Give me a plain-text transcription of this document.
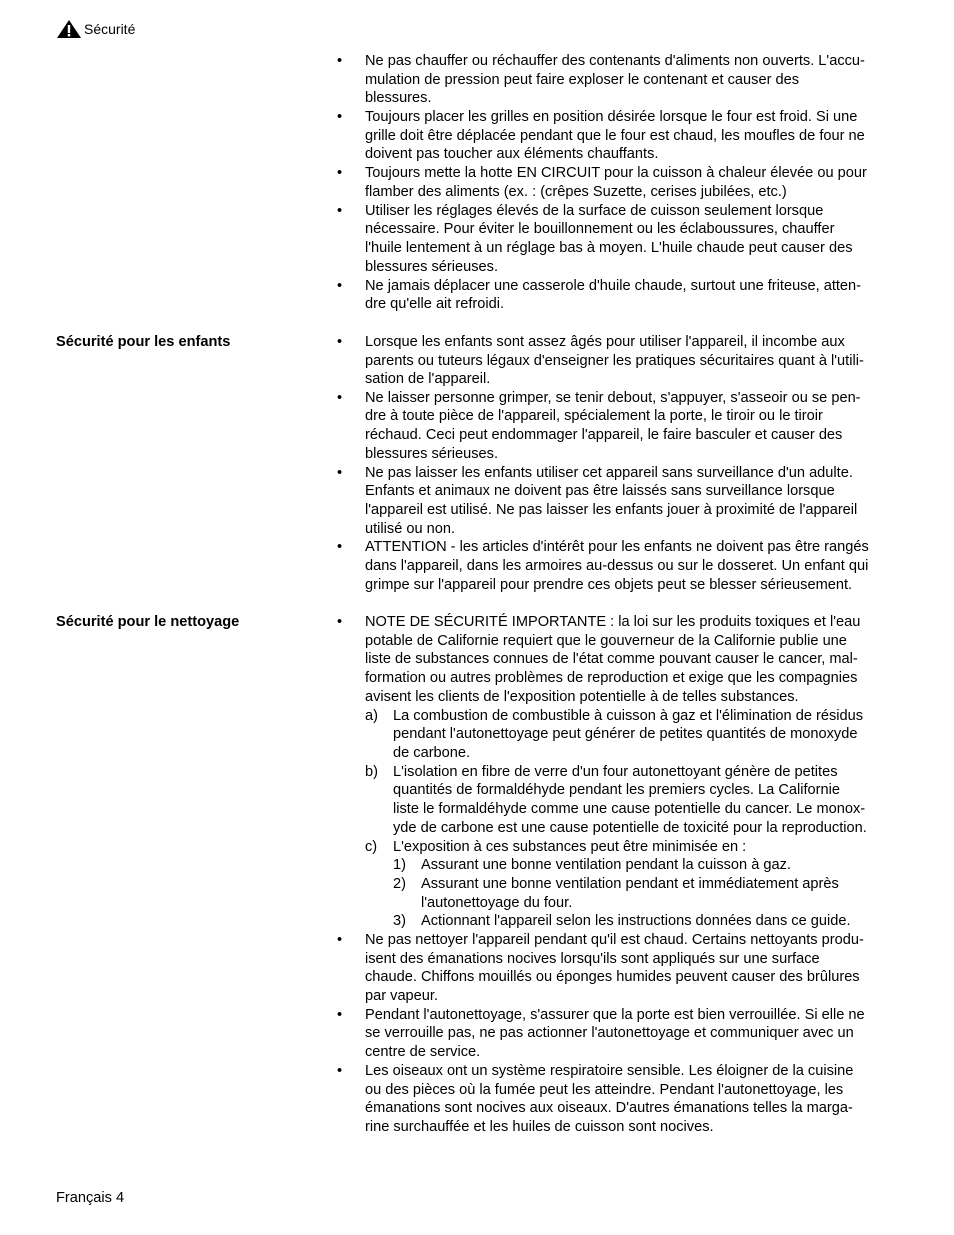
Sécurité
• Ne pas chauffer ou réchauffer des contenants d'aliments non ouverts. L'accu-
mulation de pression peut faire exploser le contenant et causer des
blessures.
• Toujours placer les grilles en position désirée lorsque le four est froid. Si une
grille doit être déplacée pendant que le four est chaud, les moufles de four ne
doivent pas toucher aux éléments chauffants.
• Toujours mette la hotte EN CIRCUIT pour la cuisson à chaleur élevée ou pour
flamber des aliments (ex. : (crêpes Suzette, cerises jubilées, etc.)
• Utiliser les réglages élevés de la surface de cuisson seulement lorsque
nécessaire. Pour éviter le bouillonnement ou les éclaboussures, chauffer
l'huile lentement à un réglage bas à moyen. L'huile chaude peut causer des
blessures sérieuses.
• Ne jamais déplacer une casserole d'huile chaude, surtout une friteuse, atten-
dre qu'elle ait refroidi.
Sécurité pour les enfants	• Lorsque les enfants sont assez âgés pour utiliser l'appareil, il incombe aux
parents ou tuteurs légaux d'enseigner les pratiques sécuritaires quant à l'utili-
sation de l'appareil.
• Ne laisser personne grimper, se tenir debout, s'appuyer, s'asseoir ou se pen-
dre à toute pièce de l'appareil, spécialement la porte, le tiroir ou le tiroir
réchaud. Ceci peut endommager l'appareil, le faire basculer et causer des
blessures sérieuses.
• Ne pas laisser les enfants utiliser cet appareil sans surveillance d'un adulte.
Enfants et animaux ne doivent pas être laissés sans surveillance lorsque
l'appareil est utilisé. Ne pas laisser les enfants jouer à proximité de l'appareil
utilisé ou non.
• ATTENTION - les articles d'intérêt pour les enfants ne doivent pas être rangés
dans l'appareil, dans les armoires au-dessus ou sur le dosseret. Un enfant qui
grimpe sur l'appareil pour prendre ces objets peut se blesser sérieusement.
Sécurité pour le nettoyage	• NOTE DE SÉCURITÉ IMPORTANTE : la loi sur les produits toxiques et l'eau
potable de Californie requiert que le gouverneur de la Californie publie une
liste de substances connues de l'état comme pouvant causer le cancer, mal-
formation ou autres problèmes de reproduction et exige que les compagnies
avisent les clients de l'exposition potentielle à de telles substances.
a) La combustion de combustible à cuisson à gaz et l'élimination de résidus
pendant l'autonettoyage peut générer de petites quantités de monoxyde
de carbone.
b) L'isolation en fibre de verre d'un four autonettoyant génère de petites
quantités de formaldéhyde pendant les premiers cycles. La Californie
liste le formaldéhyde comme une cause potentielle du cancer. Le monox-
yde de carbone est une cause potentielle de toxicité pour la reproduction.
c) L'exposition à ces substances peut être minimisée en :
1) Assurant une bonne ventilation pendant la cuisson à gaz.
2) Assurant une bonne ventilation pendant et immédiatement après
l'autonettoyage du four.
3) Actionnant l'appareil selon les instructions données dans ce guide.
• Ne pas nettoyer l'appareil pendant qu'il est chaud. Certains nettoyants produ-
isent des émanations nocives lorsqu'ils sont appliqués sur une surface
chaude. Chiffons mouillés ou éponges humides peuvent causer des brûlures
par vapeur.
• Pendant l'autonettoyage, s'assurer que la porte est bien verrouillée. Si elle ne
se verrouille pas, ne pas actionner l'autonettoyage et communiquer avec un
centre de service.
• Les oiseaux ont un système respiratoire sensible. Les éloigner de la cuisine
ou des pièces où la fumée peut les atteindre. Pendant l'autonettoyage, les
émanations sont nocives aux oiseaux. D'autres émanations telles la marga-
rine surchauffée et les huiles de cuisson sont nocives.
Français 4
